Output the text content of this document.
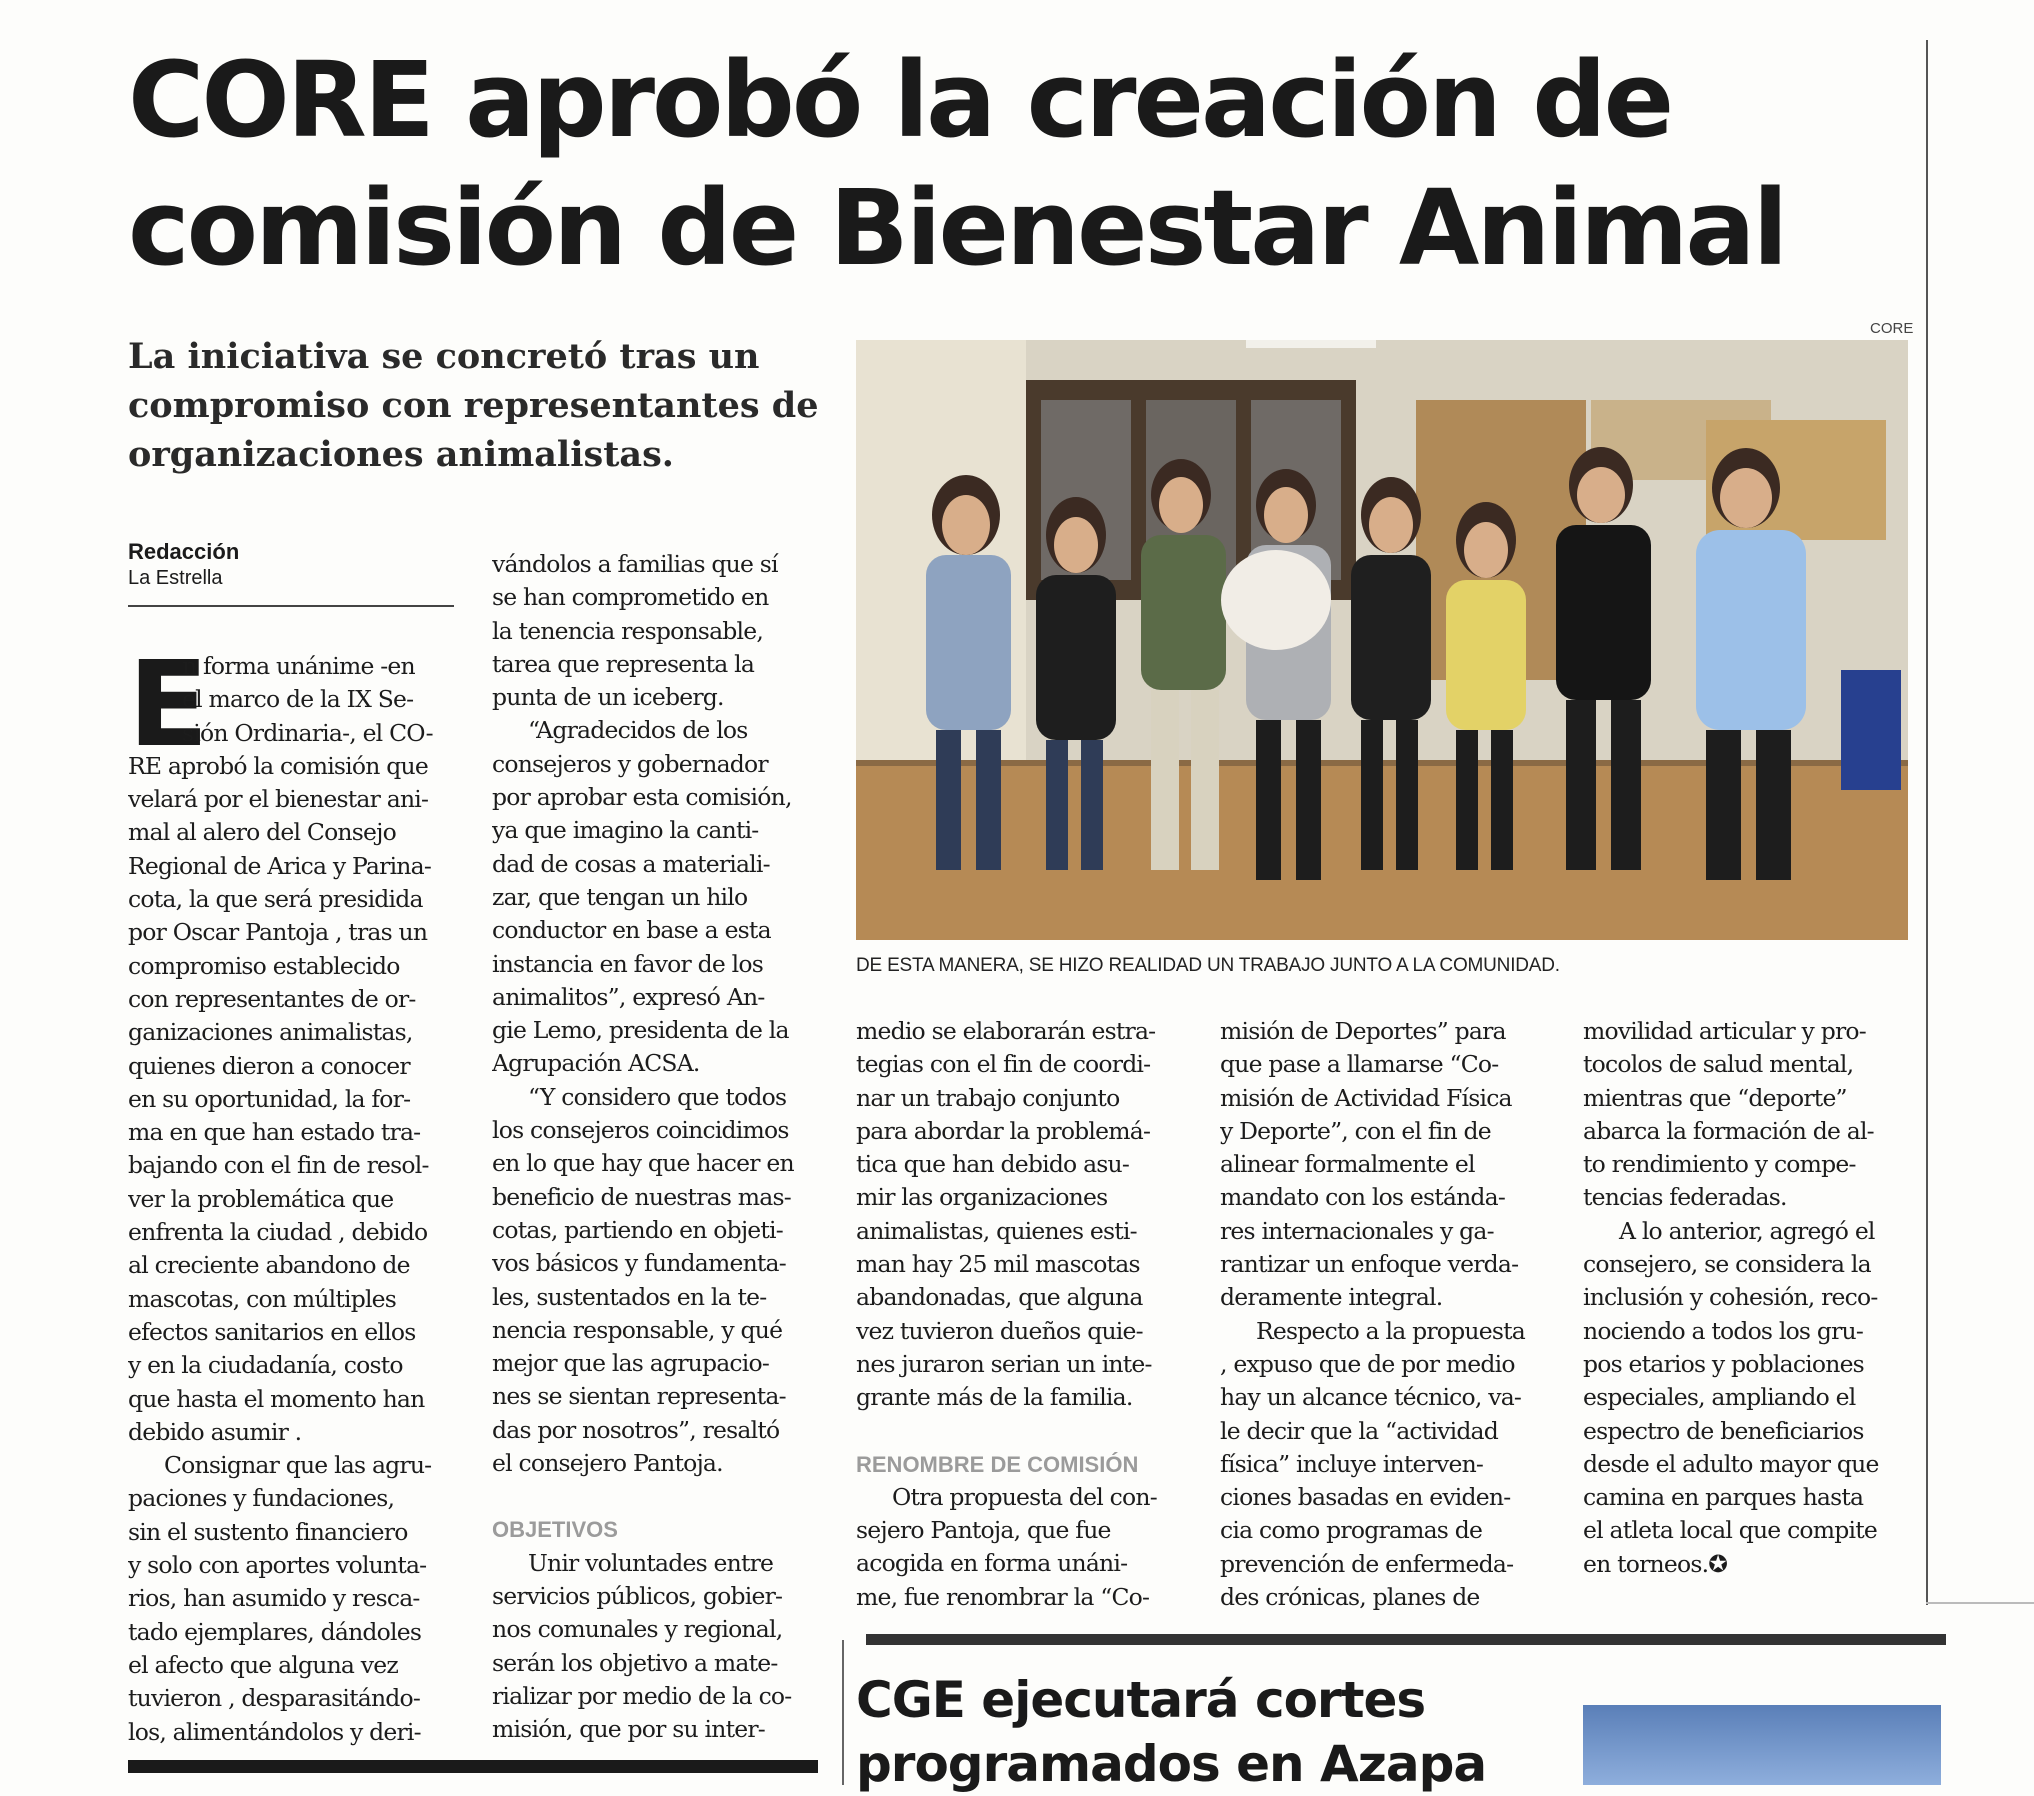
CORE aprobó la creación de
comisión de Bienestar Animal

La iniciativa se concretó tras un
compromiso con representantes de
organizaciones animalistas.

Redacción
La Estrella
CORE
DE ESTA MANERA, SE HIZO REALIDAD UN TRABAJO JUNTO A LA COMUNIDAD.
E
n forma unánime -en
el marco de la IX Se-
sión Ordinaria-, el CO-
RE aprobó la comisión que
velará por el bienestar ani-
mal al alero del Consejo
Regional de Arica y Parina-
cota, la que será presidida
por Oscar Pantoja , tras un
compromiso establecido
con representantes de or-
ganizaciones animalistas,
quienes dieron a conocer
en su oportunidad, la for-
ma en que han estado tra-
bajando con el fin de resol-
ver la problemática que
enfrenta la ciudad , debido
al creciente abandono de
mascotas, con múltiples
efectos sanitarios en ellos
y en la ciudadanía, costo
que hasta el momento han
debido asumir .
Consignar que las agru-
paciones y fundaciones,
sin el sustento financiero
y solo con aportes volunta-
rios, han asumido y resca-
tado ejemplares, dándoles
el afecto que alguna vez
tuvieron , desparasitándo-
los, alimentándolos y deri-
vándolos a familias que sí
se han comprometido en
la tenencia responsable,
tarea que representa la
punta de un iceberg.
“Agradecidos de los
consejeros y gobernador
por aprobar esta comisión,
ya que imagino la canti-
dad de cosas a materiali-
zar, que tengan un hilo
conductor en base a esta
instancia en favor de los
animalitos”, expresó An-
gie Lemo, presidenta de la
Agrupación ACSA.
“Y considero que todos
los consejeros coincidimos
en lo que hay que hacer en
beneficio de nuestras mas-
cotas, partiendo en objeti-
vos básicos y fundamenta-
les, sustentados en la te-
nencia responsable, y qué
mejor que las agrupacio-
nes se sientan representa-
das por nosotros”, resaltó
el consejero Pantoja.
OBJETIVOS
Unir voluntades entre
servicios públicos, gobier-
nos comunales y regional,
serán los objetivo a mate-
rializar por medio de la co-
misión, que por su inter-
medio se elaborarán estra-
tegias con el fin de coordi-
nar un trabajo conjunto
para abordar la problemá-
tica que han debido asu-
mir las organizaciones
animalistas, quienes esti-
man hay 25 mil mascotas
abandonadas, que alguna
vez tuvieron dueños quie-
nes juraron serian un inte-
grante más de la familia.
RENOMBRE DE COMISIÓN
Otra propuesta del con-
sejero Pantoja, que fue
acogida en forma unáni-
me, fue renombrar la “Co-
misión de Deportes” para
que pase a llamarse “Co-
misión de Actividad Física
y Deporte”, con el fin de
alinear formalmente el
mandato con los estánda-
res internacionales y ga-
rantizar un enfoque verda-
deramente integral.
Respecto a la propuesta
, expuso que de por medio
hay un alcance técnico, va-
le decir que la “actividad
física” incluye interven-
ciones basadas en eviden-
cia como programas de
prevención de enfermeda-
des crónicas, planes de
movilidad articular y pro-
tocolos de salud mental,
mientras que “deporte”
abarca la formación de al-
to rendimiento y compe-
tencias federadas.
A lo anterior, agregó el
consejero, se considera la
inclusión y cohesión, reco-
nociendo a todos los gru-
pos etarios y poblaciones
especiales, ampliando el
espectro de beneficiarios
desde el adulto mayor que
camina en parques hasta
el atleta local que compite
en torneos.✪
CGE ejecutará cortes
programados en Azapa
